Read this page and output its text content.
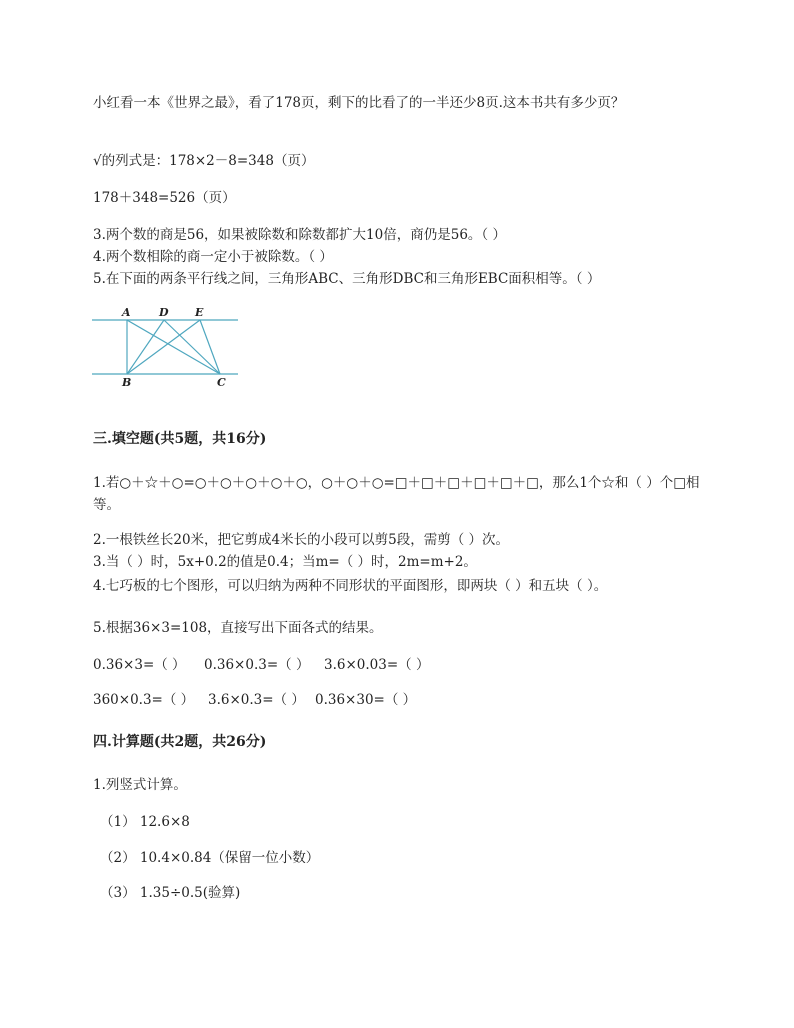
小红看一本《世界之最》，看了178页，剩下的比看了的一半还少8页.这本书共有多少页？
√的列式是：178×2－8=348（页）
178＋348=526（页）
3.两个数的商是56，如果被除数和除数都扩大10倍，商仍是56。（ ）
4.两个数相除的商一定小于被除数。（ ）
5.在下面的两条平行线之间，三角形ABC、三角形DBC和三角形EBC面积相等。（ ）
A	D E
B	C
三.填空题(共5题，共16分)
1.若○＋☆＋○=○＋○＋○＋○＋○，○＋○＋○=□＋□＋□＋□＋□＋□，那么1个☆和（ ）个□相等。
2.一根铁丝长20米，把它剪成4米长的小段可以剪5段，需剪（ ）次。
3.当（ ）时，5x+0.2的值是0.4；当m=（ ）时，2m=m+2。
4.七巧板的七个图形，可以归纳为两种不同形状的平面图形，即两块（ ）和五块（ ）。
5.根据36×3=108，直接写出下面各式的结果。
0.36×3=（ ）	0.36×0.3=（ ）	3.6×0.03=（ ）
360×0.3=（ ）	3.6×0.3=（ ） 0.36×30=（ ）
四.计算题(共2题，共26分)
1.列竖式计算。
（1） 12.6×8
（2） 10.4×0.84（保留一位小数）
（3） 1.35÷0.5(验算)
